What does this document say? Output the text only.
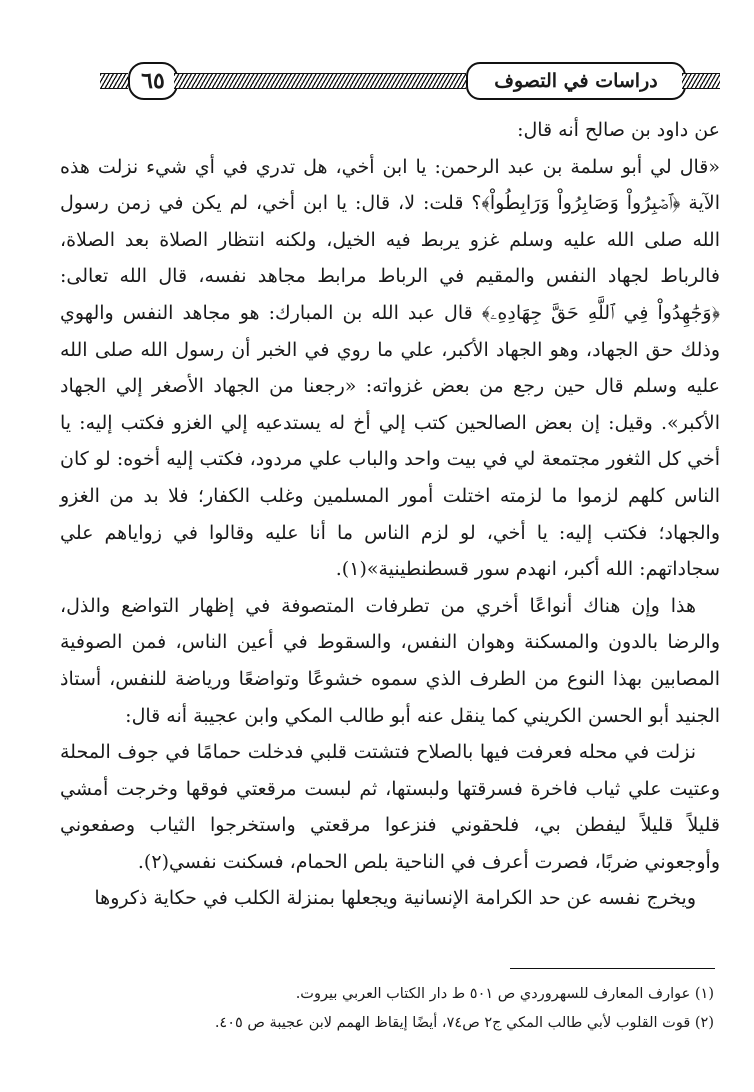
٦٥	دراسات في التصوف

عن داود بن صالح أنه قال:

«قال لي أبو سلمة بن عبد الرحمن: يا ابن أخي، هل تدري في أي شيء نزلت هذه الآية ﴿ٱصۡبِرُواْ وَصَابِرُواْ وَرَابِطُواْ﴾؟ قلت: لا، قال: يا ابن أخي، لم يكن في زمن رسول الله صلى الله عليه وسلم غزو يربط فيه الخيل، ولكنه انتظار الصلاة بعد الصلاة، فالرباط لجهاد النفس والمقيم في الرباط مرابط مجاهد نفسه، قال الله تعالى: ﴿وَجَٰهِدُواْ فِي ٱللَّهِ حَقَّ جِهَادِهِۦ﴾ قال عبد الله بن المبارك: هو مجاهد النفس والهوي وذلك حق الجهاد، وهو الجهاد الأكبر، علي ما روي في الخبر أن رسول الله صلى الله عليه وسلم قال حين رجع من بعض غزواته: «رجعنا من الجهاد الأصغر إلي الجهاد الأكبر». وقيل: إن بعض الصالحين كتب إلي أخ له يستدعيه إلي الغزو فكتب إليه: يا أخي كل الثغور مجتمعة لي في بيت واحد والباب علي مردود، فكتب إليه أخوه: لو كان الناس كلهم لزموا ما لزمته اختلت أمور المسلمين وغلب الكفار؛ فلا بد من الغزو والجهاد؛ فكتب إليه: يا أخي، لو لزم الناس ما أنا عليه وقالوا في زواياهم علي سجاداتهم: الله أكبر، انهدم سور قسطنطينية»(١).

هذا وإن هناك أنواعًا أخري من تطرفات المتصوفة في إظهار التواضع والذل، والرضا بالدون والمسكنة وهوان النفس، والسقوط في أعين الناس، فمن الصوفية المصابين بهذا النوع من الطرف الذي سموه خشوعًا وتواضعًا ورياضة للنفس، أستاذ الجنيد أبو الحسن الكريني كما ينقل عنه أبو طالب المكي وابن عجيبة أنه قال:

نزلت في محله فعرفت فيها بالصلاح فتشتت قلبي فدخلت حمامًا في جوف المحلة وعتيت علي ثياب فاخرة فسرقتها ولبستها، ثم لبست مرقعتي فوقها وخرجت أمشي قليلاً قليلاً ليفطن بي، فلحقوني فنزعوا مرقعتي واستخرجوا الثياب وصفعوني وأوجعوني ضربًا، فصرت أعرف في الناحية بلص الحمام، فسكنت نفسي(٢).

ويخرج نفسه عن حد الكرامة الإنسانية ويجعلها بمنزلة الكلب في حكاية ذكروها

(١) عوارف المعارف للسهروردي ص ٥٠١ ط دار الكتاب العربي بيروت.

(٢) قوت القلوب لأبي طالب المكي ج٢ ص٧٤، أيضًا إيقاظ الهمم لابن عجيبة ص ٤٠٥.
